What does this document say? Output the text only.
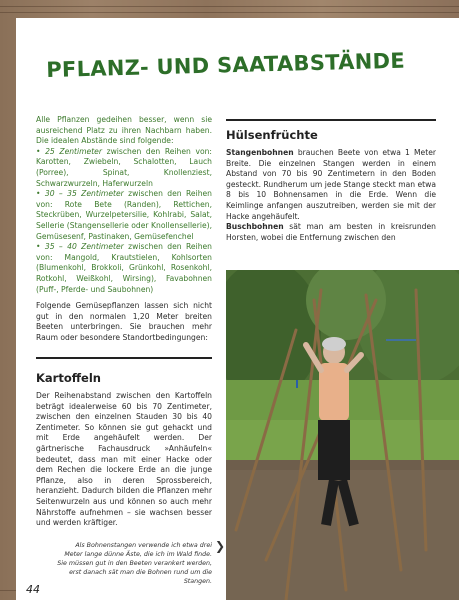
PFLANZ- UND SAATABSTÄNDE

Alle Pflanzen gedeihen besser, wenn sie ausreichend Platz zu ihren Nachbarn haben. Die idealen Abstände sind folgende:

• 25 Zentimeter zwischen den Reihen von: Karotten, Zwiebeln, Schalotten, Lauch (Porree), Spinat, Knollenziest, Schwarzwurzeln, Haferwurzeln

• 30 – 35 Zentimeter zwischen den Reihen von: Rote Bete (Randen), Rettichen, Steckrüben, Wurzelpetersilie, Kohlrabi, Salat, Sellerie (Stangensellerie oder Knollensellerie), Gemüsesenf, Pastinaken, Gemüsefenchel

• 35 – 40 Zentimeter zwischen den Reihen von: Mangold, Krautstielen, Kohlsorten (Blumenkohl, Brokkoli, Grünkohl, Rosenkohl, Rotkohl, Weißkohl, Wirsing), Favabohnen (Puff-, Pferde- und Saubohnen)

Folgende Gemüsepflanzen lassen sich nicht gut in den normalen 1,20 Meter breiten Beeten unterbringen. Sie brauchen mehr Raum oder besondere Standortbedingungen:

Kartoffeln

Der Reihenabstand zwischen den Kartoffeln beträgt idealerweise 60 bis 70 Zentimeter, zwischen den einzelnen Stauden 30 bis 40 Zentimeter. So können sie gut gehackt und mit Erde angehäufelt werden. Der gärtnerische Fachausdruck »Anhäufeln« bedeutet, dass man mit einer Hacke oder dem Rechen die lockere Erde an die junge Pflanze, also in deren Sprossbereich, heranzieht. Dadurch bilden die Pflanzen mehr Seitenwurzeln aus und können so auch mehr Nährstoffe aufnehmen – sie wachsen besser und werden kräftiger.

Hülsenfrüchte

Stangenbohnen brauchen Beete von etwa 1 Meter Breite. Die einzelnen Stangen werden in einem Abstand von 70 bis 90 Zentimetern in den Boden gesteckt. Rundherum um jede Stange steckt man etwa 8 bis 10 Bohnensamen in die Erde. Wenn die Keimlinge anfangen auszutreiben, werden sie mit der Hacke angehäufelt.

Buschbohnen sät man am besten in kreisrunden Horsten, wobei die Entfernung zwischen den

Als Bohnenstangen verwende ich etwa drei Meter lange dünne Äste, die ich im Wald finde. Sie müssen gut in den Beeten verankert werden, erst danach sät man die Bohnen rund um die Stangen.
❯
44
